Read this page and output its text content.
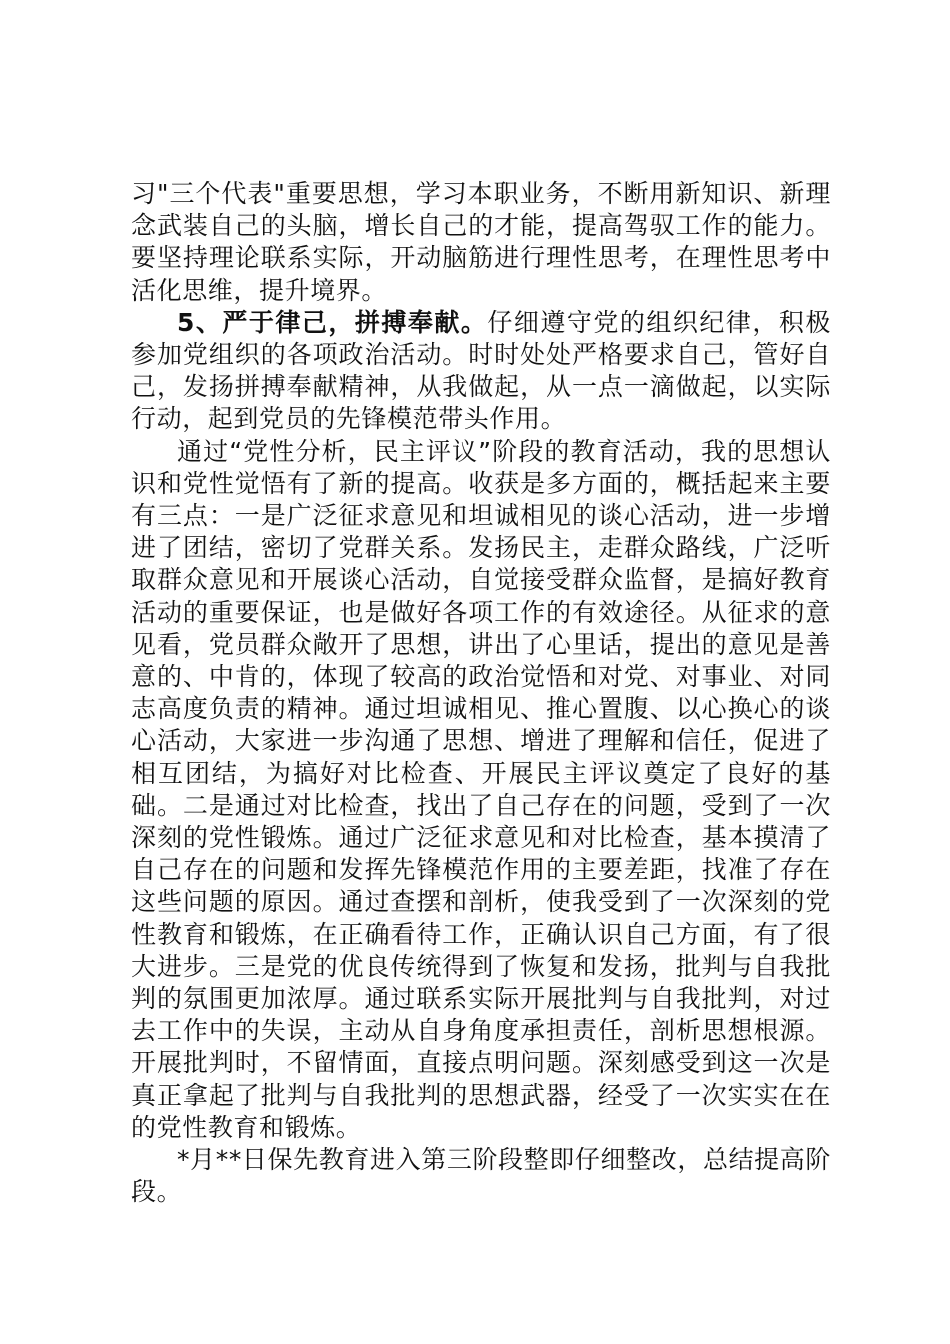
习"三个代表"重要思想，学习本职业务，不断用新知识、新理念武装自己的头脑，增长自己的才能，提高驾驭工作的能力。要坚持理论联系实际，开动脑筋进行理性思考，在理性思考中活化思维，提升境界。

5、严于律己，拼搏奉献。仔细遵守党的组织纪律，积极参加党组织的各项政治活动。时时处处严格要求自己，管好自己，发扬拼搏奉献精神，从我做起，从一点一滴做起，以实际行动，起到党员的先锋模范带头作用。

通过“党性分析，民主评议”阶段的教育活动，我的思想认识和党性觉悟有了新的提高。收获是多方面的，概括起来主要有三点：一是广泛征求意见和坦诚相见的谈心活动，进一步增进了团结，密切了党群关系。发扬民主，走群众路线，广泛听取群众意见和开展谈心活动，自觉接受群众监督，是搞好教育活动的重要保证，也是做好各项工作的有效途径。从征求的意见看，党员群众敞开了思想，讲出了心里话，提出的意见是善意的、中肯的，体现了较高的政治觉悟和对党、对事业、对同志高度负责的精神。通过坦诚相见、推心置腹、以心换心的谈心活动，大家进一步沟通了思想、增进了理解和信任，促进了相互团结，为搞好对比检查、开展民主评议奠定了良好的基础。二是通过对比检查，找出了自己存在的问题，受到了一次深刻的党性锻炼。通过广泛征求意见和对比检查，基本摸清了自己存在的问题和发挥先锋模范作用的主要差距，找准了存在这些问题的原因。通过查摆和剖析，使我受到了一次深刻的党性教育和锻炼，在正确看待工作，正确认识自己方面，有了很大进步。三是党的优良传统得到了恢复和发扬，批判与自我批判的氛围更加浓厚。通过联系实际开展批判与自我批判，对过去工作中的失误，主动从自身角度承担责任，剖析思想根源。开展批判时，不留情面，直接点明问题。深刻感受到这一次是真正拿起了批判与自我批判的思想武器，经受了一次实实在在的党性教育和锻炼。

*月**日保先教育进入第三阶段整即仔细整改，总结提高阶段。
